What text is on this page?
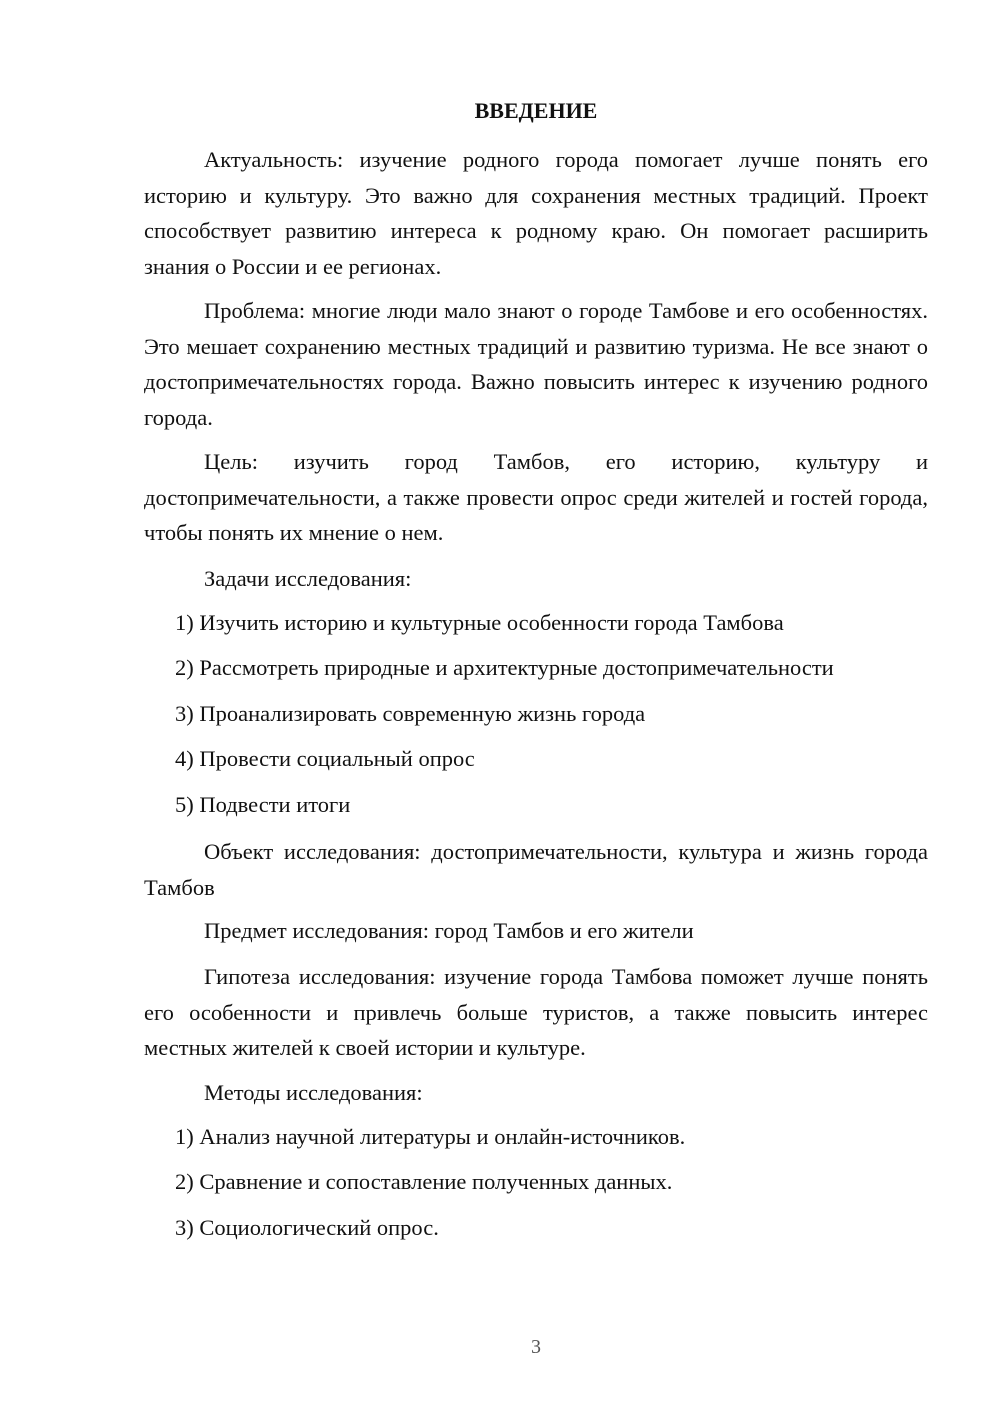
ВВЕДЕНИЕ

Актуальность: изучение родного города помогает лучше понять его историю и культуру. Это важно для сохранения местных традиций. Проект способствует развитию интереса к родному краю. Он помогает расширить знания о России и ее регионах.

Проблема: многие люди мало знают о городе Тамбове и его особенностях. Это мешает сохранению местных традиций и развитию туризма. Не все знают о достопримечательностях города. Важно повысить интерес к изучению родного города.

Цель: изучить город Тамбов, его историю, культуру и достопримечательности, а также провести опрос среди жителей и гостей города, чтобы понять их мнение о нем.

Задачи исследования:

1) Изучить историю и культурные особенности города Тамбова

2) Рассмотреть природные и архитектурные достопримечательности

3) Проанализировать современную жизнь города

4) Провести социальный опрос

5) Подвести итоги

Объект исследования: достопримечательности, культура и жизнь города Тамбов

Предмет исследования: город Тамбов и его жители

Гипотеза исследования: изучение города Тамбова поможет лучше понять его особенности и привлечь больше туристов, а также повысить интерес местных жителей к своей истории и культуре.

Методы исследования:

1) Анализ научной литературы и онлайн-источников.

2) Сравнение и сопоставление полученных данных.

3) Социологический опрос.

3
